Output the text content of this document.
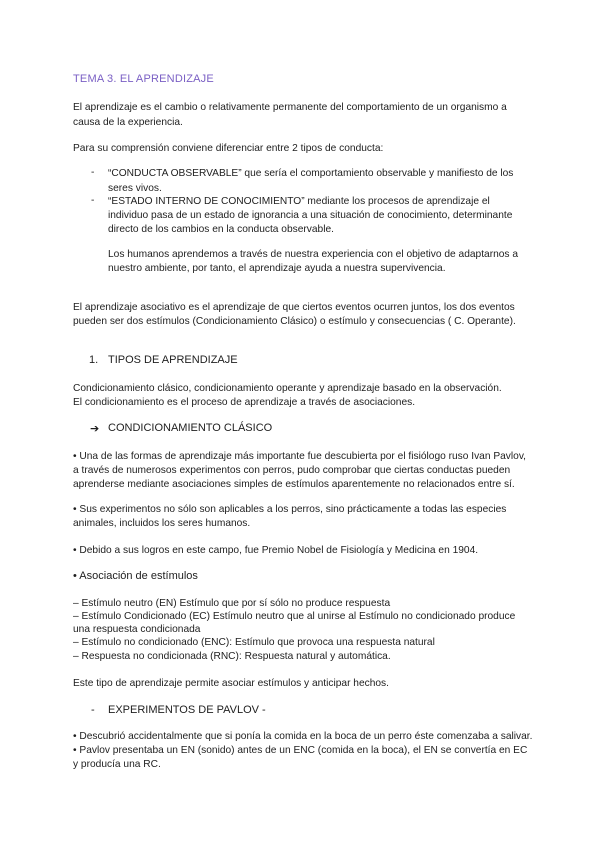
TEMA 3. EL APRENDIZAJE
El aprendizaje es el cambio o relativamente permanente del comportamiento de un organismo a
causa de la experiencia.
Para su comprensión conviene diferenciar entre 2 tipos de conducta:
- “CONDUCTA OBSERVABLE” que sería el comportamiento observable y manifiesto de los
seres vivos.
- “ESTADO INTERNO DE CONOCIMIENTO” mediante los procesos de aprendizaje el
individuo pasa de un estado de ignorancia a una situación de conocimiento, determinante
directo de los cambios en la conducta observable.
Los humanos aprendemos a través de nuestra experiencia con el objetivo de adaptarnos a
nuestro ambiente, por tanto, el aprendizaje ayuda a nuestra supervivencia.
El aprendizaje asociativo es el aprendizaje de que ciertos eventos ocurren juntos, los dos eventos
pueden ser dos estímulos (Condicionamiento Clásico) o estímulo y consecuencias ( C. Operante).
1. TIPOS DE APRENDIZAJE
Condicionamiento clásico, condicionamiento operante y aprendizaje basado en la observación.
El condicionamiento es el proceso de aprendizaje a través de asociaciones.
➔ CONDICIONAMIENTO CLÁSICO
• Una de las formas de aprendizaje más importante fue descubierta por el fisiólogo ruso Ivan Pavlov,
a través de numerosos experimentos con perros, pudo comprobar que ciertas conductas pueden
aprenderse mediante asociaciones simples de estímulos aparentemente no relacionados entre sí.
• Sus experimentos no sólo son aplicables a los perros, sino prácticamente a todas las especies
animales, incluidos los seres humanos.
• Debido a sus logros en este campo, fue Premio Nobel de Fisiología y Medicina en 1904.
• Asociación de estímulos
– Estímulo neutro (EN) Estímulo que por sí sólo no produce respuesta
– Estímulo Condicionado (EC) Estímulo neutro que al unirse al Estímulo no condicionado produce
una respuesta condicionada
– Estímulo no condicionado (ENC): Estímulo que provoca una respuesta natural
– Respuesta no condicionada (RNC): Respuesta natural y automática.
Este tipo de aprendizaje permite asociar estímulos y anticipar hechos.
- EXPERIMENTOS DE PAVLOV -
• Descubrió accidentalmente que si ponía la comida en la boca de un perro éste comenzaba a salivar.
• Pavlov presentaba un EN (sonido) antes de un ENC (comida en la boca), el EN se convertía en EC
y producía una RC.
